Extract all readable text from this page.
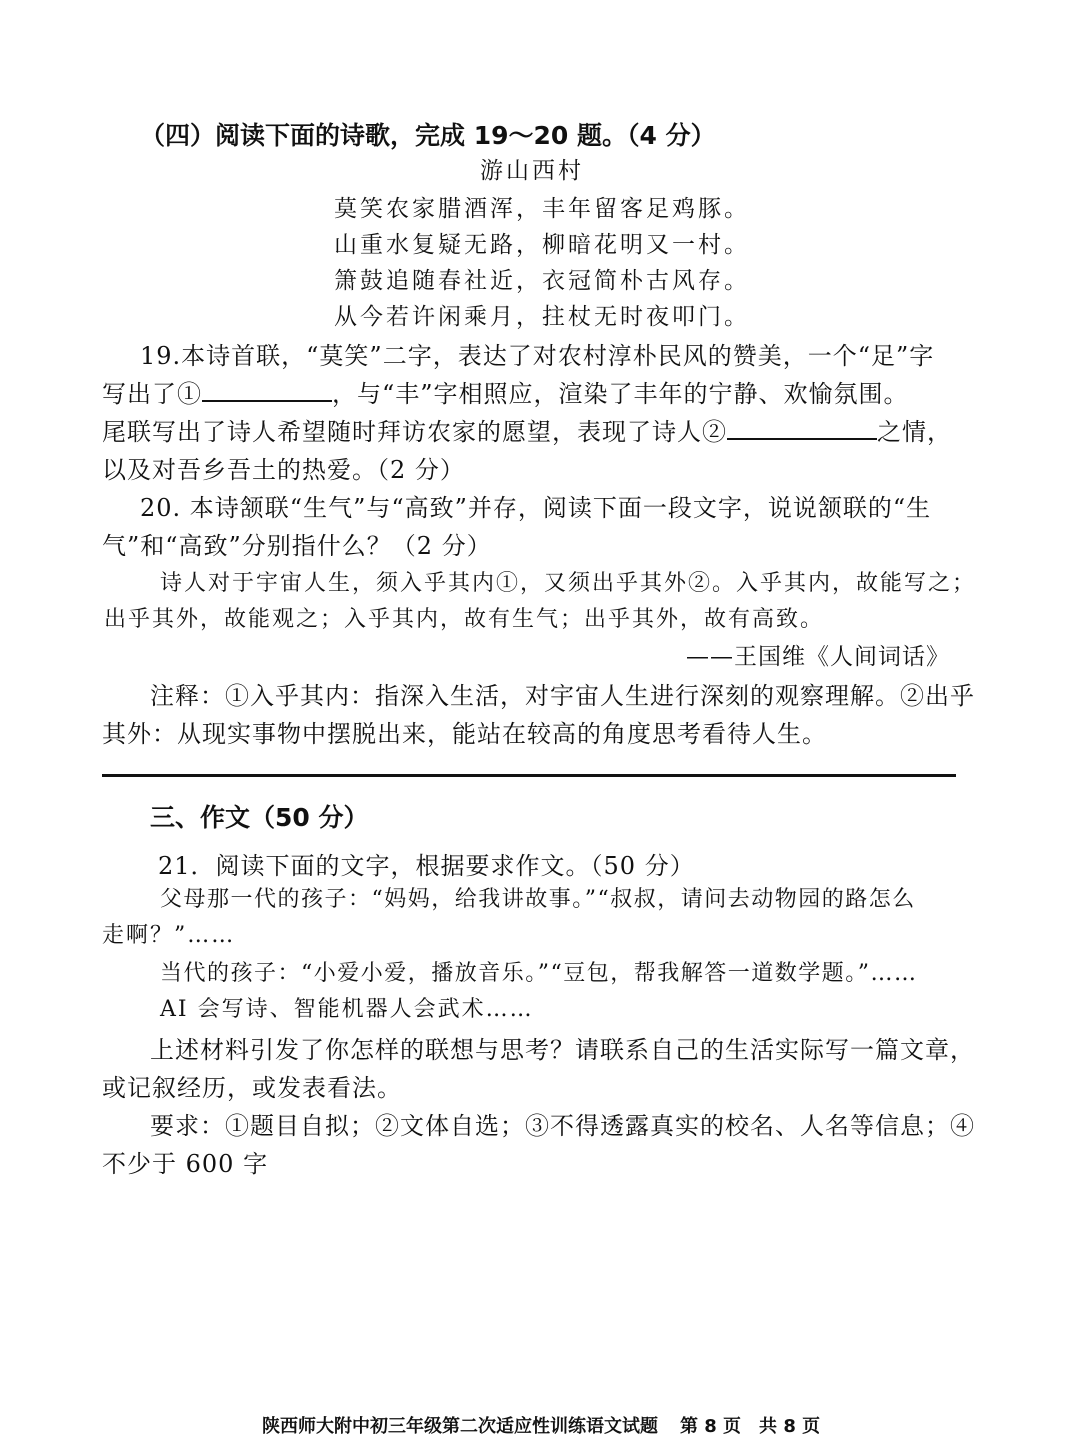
（四）阅读下面的诗歌，完成 19～20 题。（4 分）
游山西村
莫笑农家腊酒浑，丰年留客足鸡豚。
山重水复疑无路，柳暗花明又一村。
箫鼓追随春社近，衣冠简朴古风存。
从今若许闲乘月，拄杖无时夜叩门。
19.本诗首联，“莫笑”二字，表达了对农村淳朴民风的赞美，一个“足”字
写出了①	，与“丰”字相照应，渲染了丰年的宁静、欢愉氛围。
尾联写出了诗人希望随时拜访农家的愿望，表现了诗人②	之情，
以及对吾乡吾土的热爱。（2 分）
20. 本诗颔联“生气”与“高致”并存，阅读下面一段文字，说说颔联的“生
气”和“高致”分别指什么？（2 分）
诗人对于宇宙人生，须入乎其内①，又须出乎其外②。入乎其内，故能写之；
出乎其外，故能观之；入乎其内，故有生气；出乎其外，故有高致。
——王国维《人间词话》
注释：①入乎其内：指深入生活，对宇宙人生进行深刻的观察理解。②出乎
其外：从现实事物中摆脱出来，能站在较高的角度思考看待人生。
三、作文（50 分）
21．阅读下面的文字，根据要求作文。（50 分）
父母那一代的孩子：“妈妈，给我讲故事。”“叔叔，请问去动物园的路怎么
走啊？”……
当代的孩子：“小爱小爱，播放音乐。”“豆包，帮我解答一道数学题。”……
AI 会写诗、智能机器人会武术……
上述材料引发了你怎样的联想与思考？请联系自己的生活实际写一篇文章，
或记叙经历，或发表看法。
要求：①题目自拟；②文体自选；③不得透露真实的校名、人名等信息；④
不少于 600 字
陕西师大附中初三年级第二次适应性训练语文试题 第 8 页　共 8 页
